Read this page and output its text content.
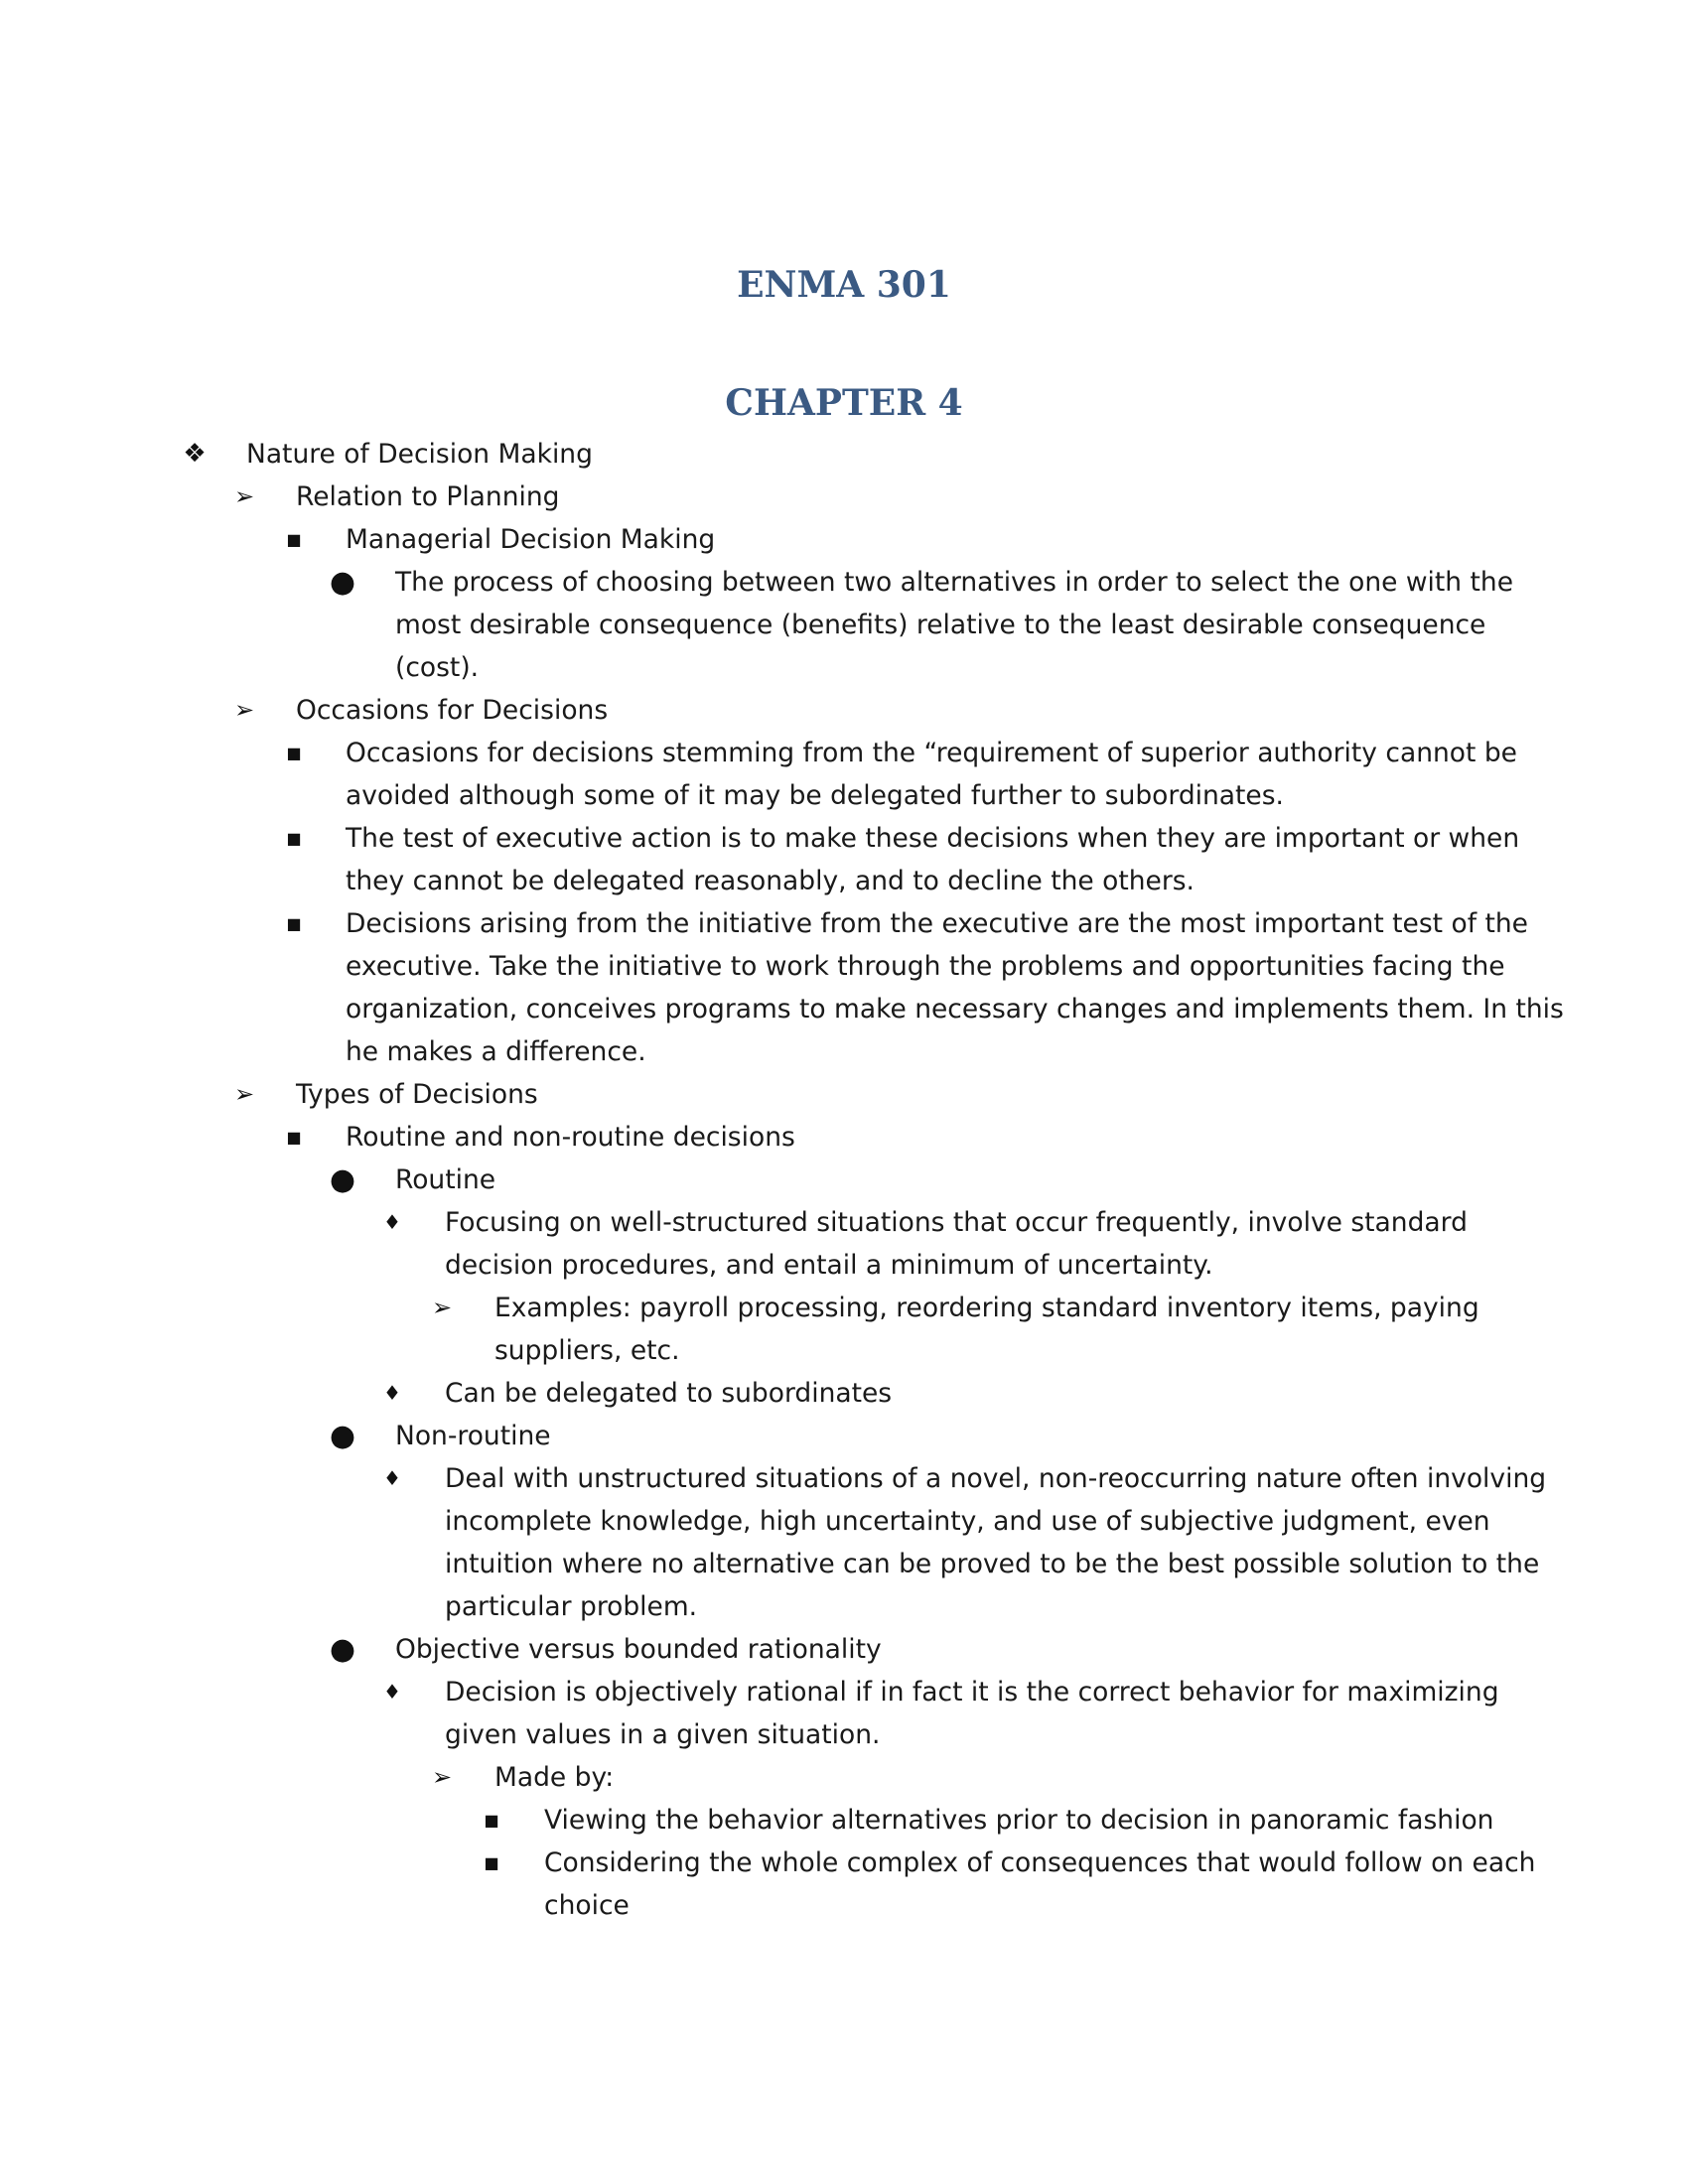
ENMA 301
CHAPTER 4
❖ Nature of Decision Making
➢ Relation to Planning
■	Managerial Decision Making
● The process of choosing between two alternatives in order to select the one with the
most desirable consequence (benefits) relative to the least desirable consequence
(cost).
➢ Occasions for Decisions
■	Occasions for decisions stemming from the “requirement of superior authority cannot be
avoided although some of it may be delegated further to subordinates.
■	The test of executive action is to make these decisions when they are important or when
they cannot be delegated reasonably, and to decline the others.
■	Decisions arising from the initiative from the executive are the most important test of the
executive. Take the initiative to work through the problems and opportunities facing the
organization, conceives programs to make necessary changes and implements them. In this
he makes a difference.
➢ Types of Decisions
■	Routine and non-routine decisions
● Routine
♦	Focusing on well-structured situations that occur frequently, involve standard
decision procedures, and entail a minimum of uncertainty.
➢ Examples: payroll processing, reordering standard inventory items, paying
suppliers, etc.
♦	Can be delegated to subordinates
● Non-routine
♦	Deal with unstructured situations of a novel, non-reoccurring nature often involving
incomplete knowledge, high uncertainty, and use of subjective judgment, even
intuition where no alternative can be proved to be the best possible solution to the
particular problem.
● Objective versus bounded rationality
♦	Decision is objectively rational if in fact it is the correct behavior for maximizing
given values in a given situation.
➢ Made by:
■	Viewing the behavior alternatives prior to decision in panoramic fashion
■	Considering the whole complex of consequences that would follow on each
choice
